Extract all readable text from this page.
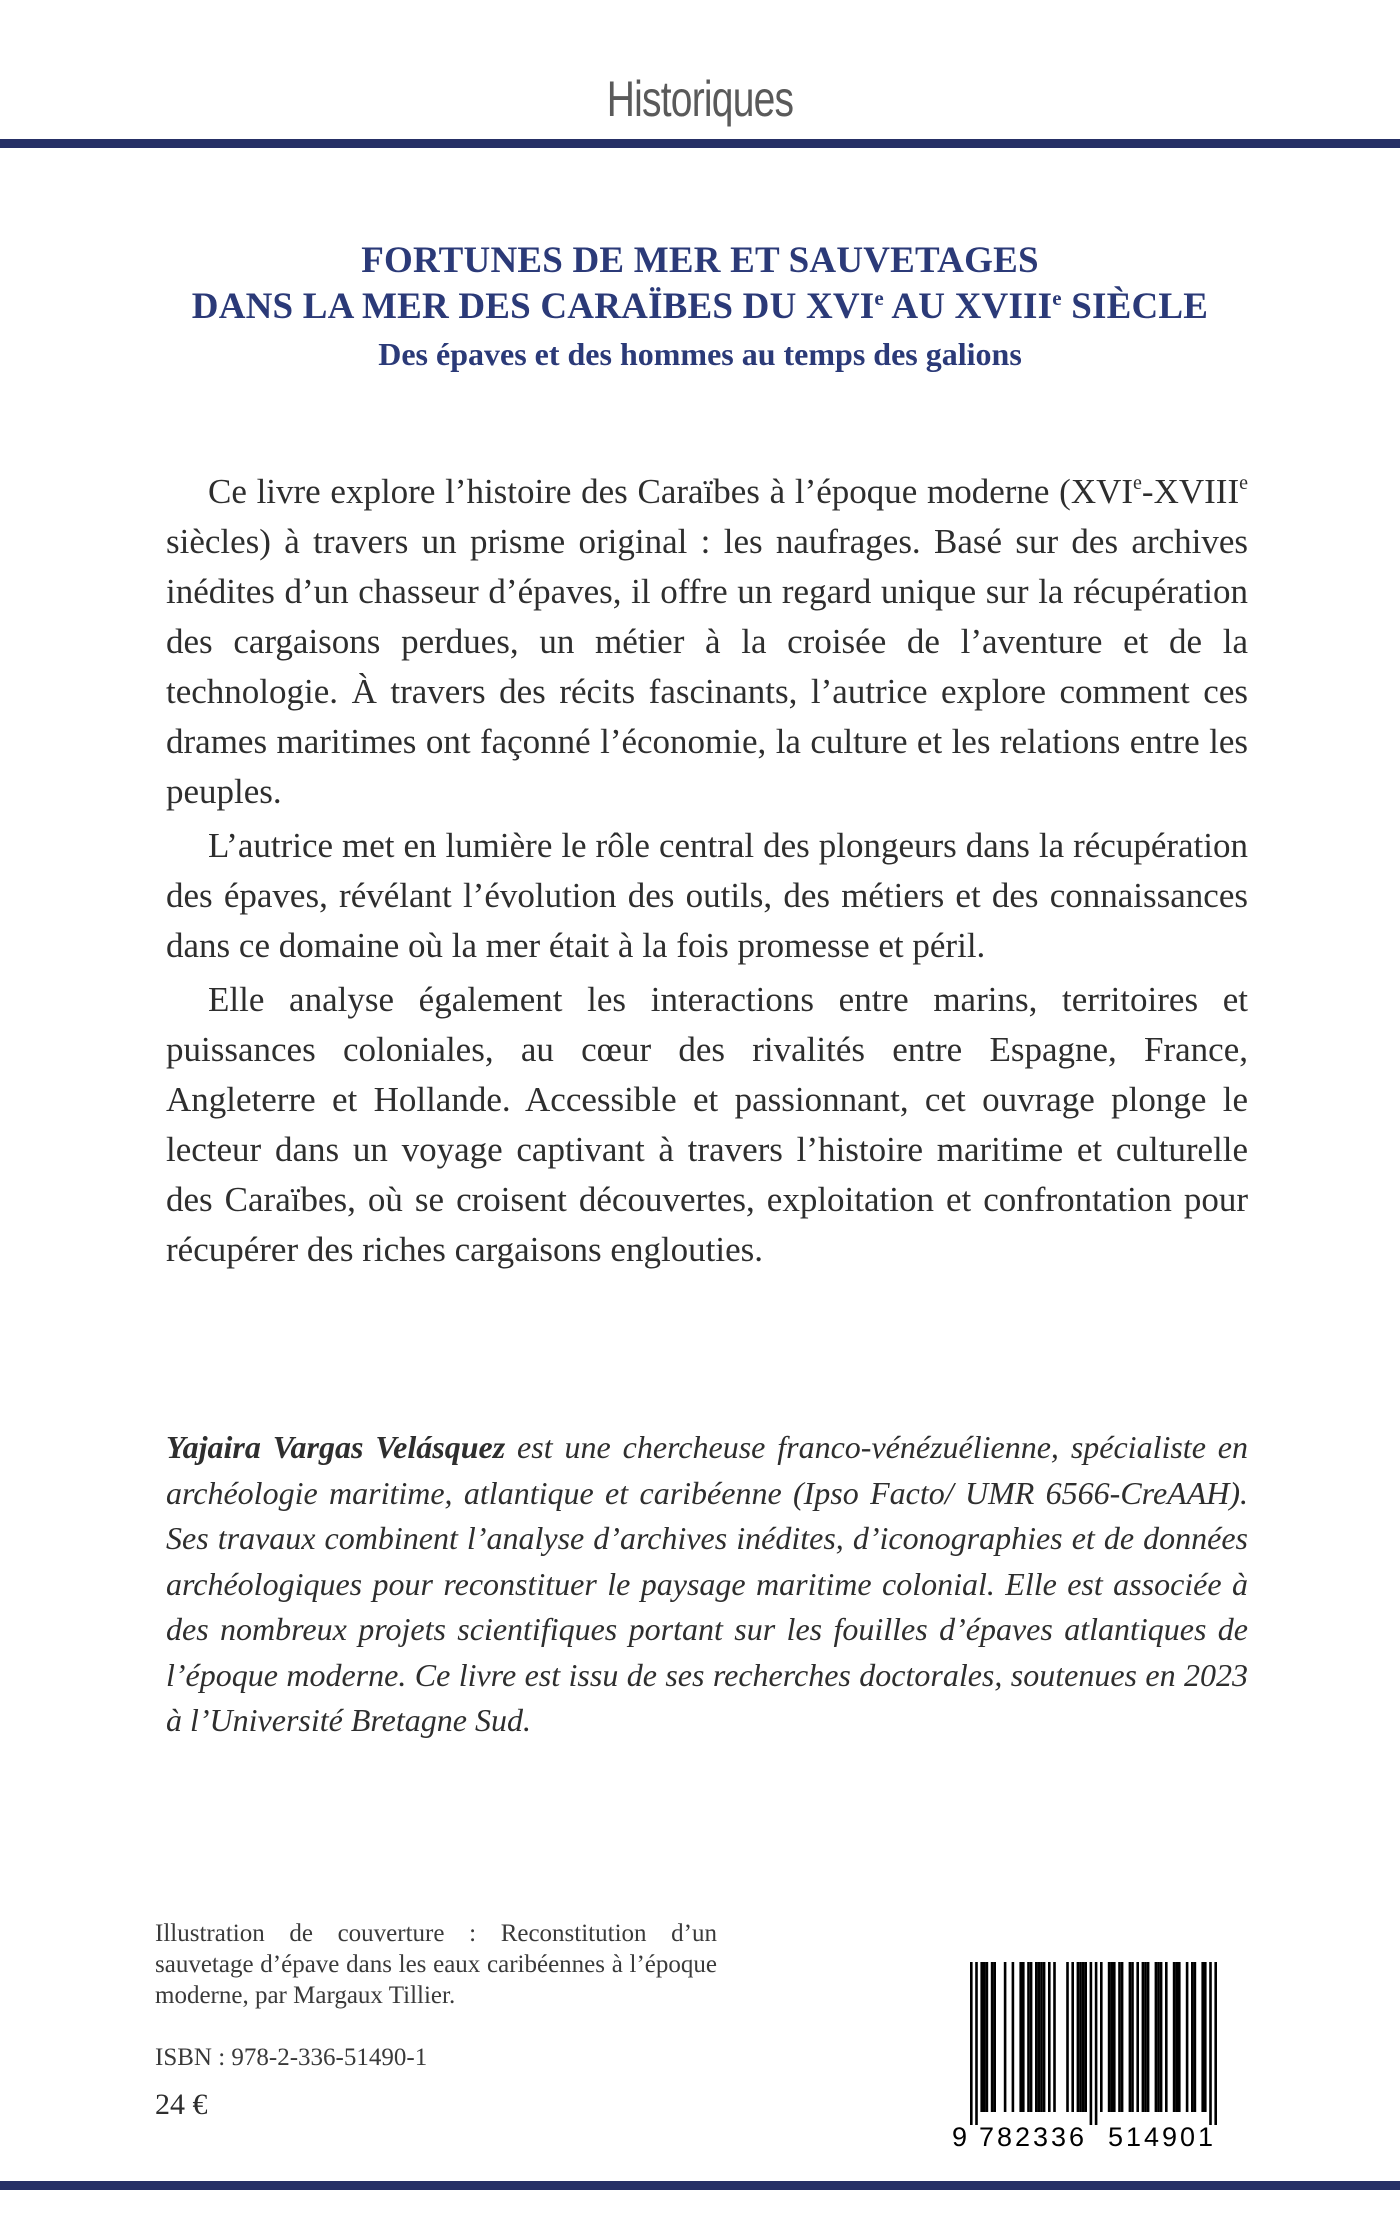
Historiques
FORTUNES DE MER ET SAUVETAGES
DANS LA MER DES CARAÏBES DU XVIe AU XVIIIe SIÈCLE
Des épaves et des hommes au temps des galions

Ce livre explore l’histoire des Caraïbes à l’époque moderne (XVIe-XVIIIe siècles) à travers un prisme original : les naufrages. Basé sur des archives inédites d’un chasseur d’épaves, il offre un regard unique sur la récupération des cargaisons perdues, un métier à la croisée de l’aventure et de la technologie. À travers des récits fascinants, l’autrice explore comment ces drames maritimes ont façonné l’économie, la culture et les relations entre les peuples.

L’autrice met en lumière le rôle central des plongeurs dans la récupération des épaves, révélant l’évolution des outils, des métiers et des connaissances dans ce domaine où la mer était à la fois promesse et péril.

Elle analyse également les interactions entre marins, territoires et puissances coloniales, au cœur des rivalités entre Espagne, France, Angleterre et Hollande. Accessible et passionnant, cet ouvrage plonge le lecteur dans un voyage captivant à travers l’histoire maritime et culturelle des Caraïbes, où se croisent découvertes, exploitation et confrontation pour récupérer des riches cargaisons englouties.

Yajaira Vargas Velásquez est une chercheuse franco-vénézuélienne, spécialiste en archéologie maritime, atlantique et caribéenne (Ipso Facto/ UMR 6566-CreAAH). Ses travaux combinent l’analyse d’archives inédites, d’iconographies et de données archéologiques pour reconstituer le paysage maritime colonial. Elle est associée à des nombreux projets scientifiques portant sur les fouilles d’épaves atlantiques de l’époque moderne. Ce livre est issu de ses recherches doctorales, soutenues en 2023 à l’Université Bretagne Sud.
Illustration de couverture : Reconstitution d’un sauvetage d’épave dans les eaux caribéennes à l’époque moderne, par Margaux Tillier.
ISBN : 978-2-336-51490-1
24 €
9 782336 514901
